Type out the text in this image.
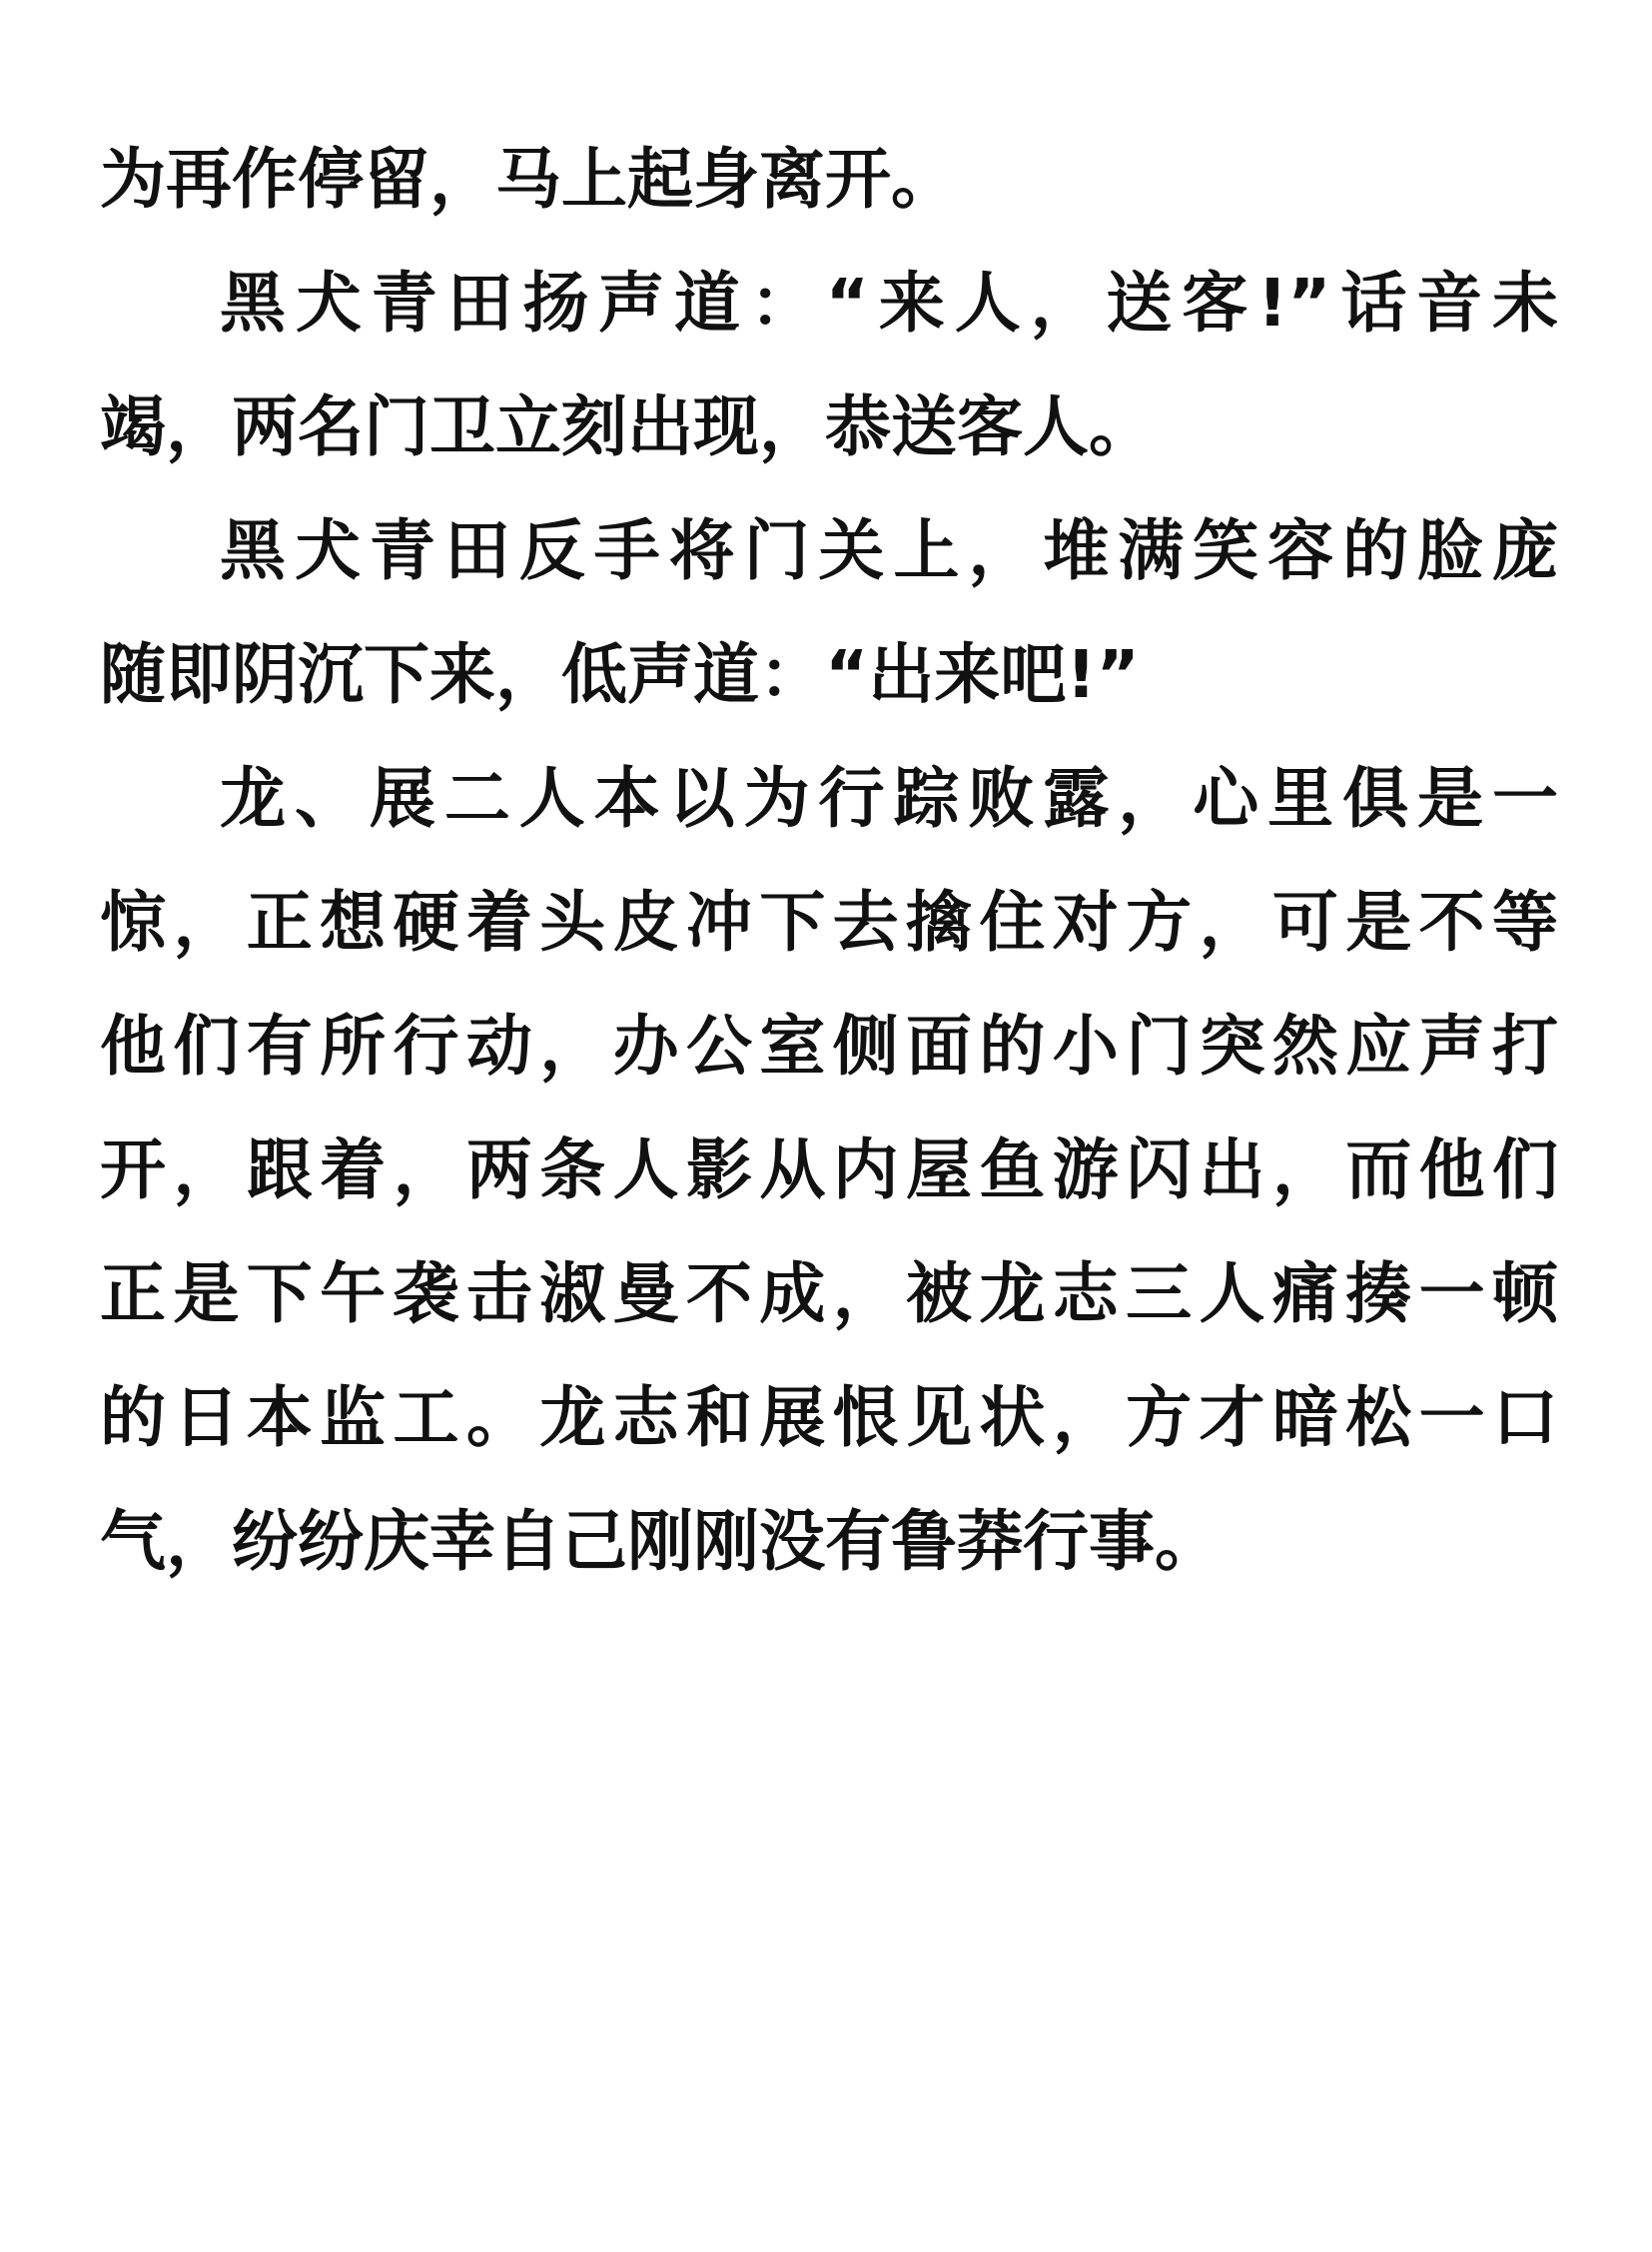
为再作停留，马上起身离开。
黑犬青田扬声道：“来人，送客!”话音未
竭，两名门卫立刻出现，恭送客人。
黑犬青田反手将门关上，堆满笑容的脸庞
随即阴沉下来，低声道：“出来吧!”
龙、展二人本以为行踪败露，心里俱是一
惊，正想硬着头皮冲下去擒住对方，可是不等
他们有所行动，办公室侧面的小门突然应声打
开，跟着，两条人影从内屋鱼游闪出，而他们
正是下午袭击淑曼不成，被龙志三人痛揍一顿
的日本监工。龙志和展恨见状，方才暗松一口
气，纷纷庆幸自己刚刚没有鲁莽行事。
